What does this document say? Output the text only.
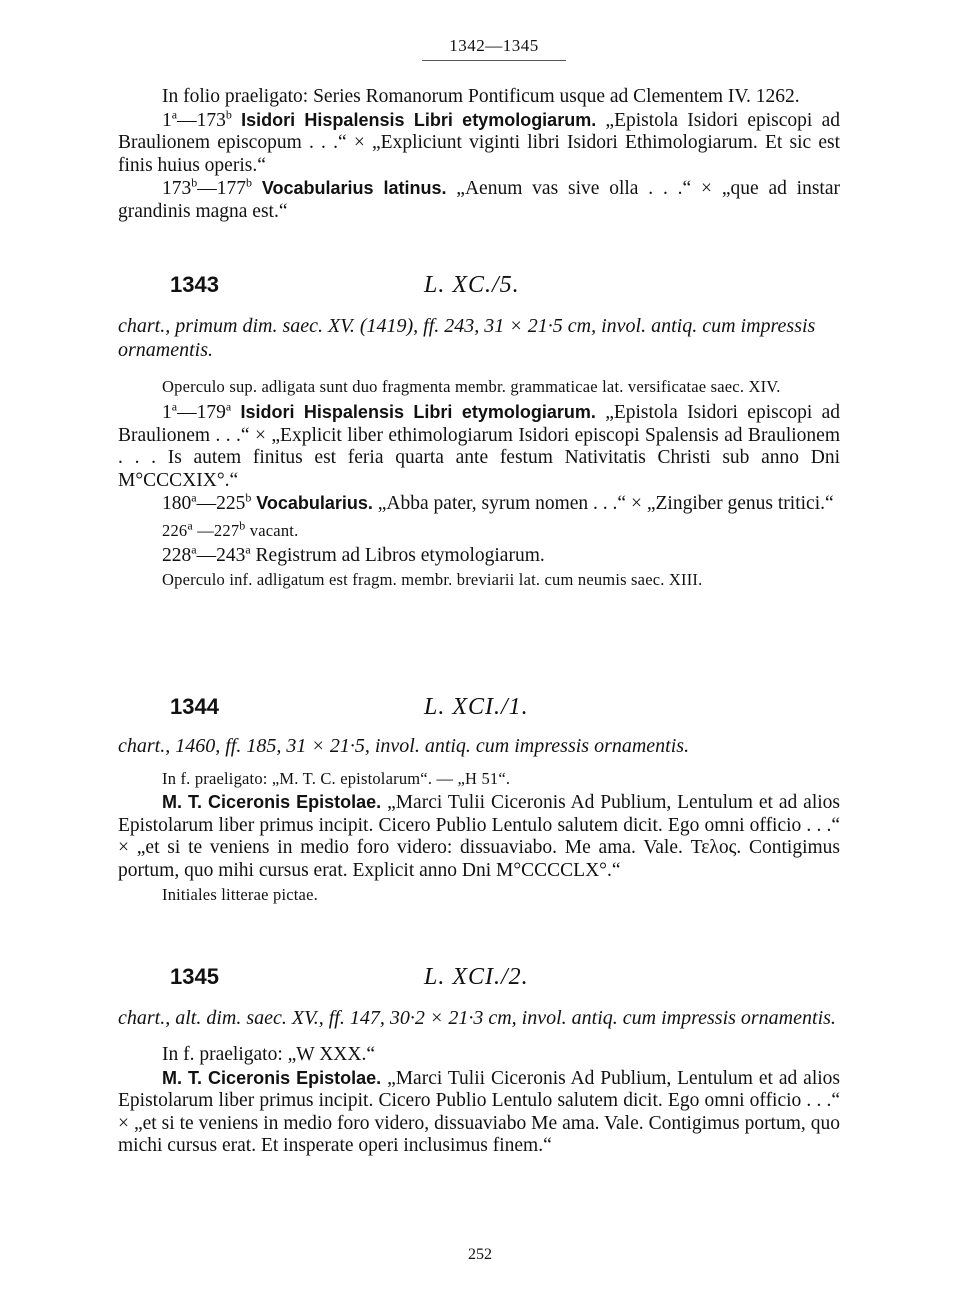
1342—1345

In folio praeligato: Series Romanorum Pontificum usque ad Clementem IV. 1262.

1$^a$—173$^b$ Isidori Hispalensis Libri etymologiarum. „Epistola Isidori episcopi ad Braulionem episcopum . . .“ × „Expliciunt viginti libri Isidori Ethimologiarum. Et sic est finis huius operis.“

173$^b$—177$^b$ Vocabularius latinus. „Aenum vas sive olla . . .“ × „que ad instar grandinis magna est.“

1343	L. XC./5.

chart., primum dim. saec. XV. (1419), ff. 243, 31 × 21·5 cm, invol. antiq. cum impressis ornamentis.

Operculo sup. adligata sunt duo fragmenta membr. grammaticae lat. versificatae saec. XIV.

1$^a$—179$^a$ Isidori Hispalensis Libri etymologiarum. „Epistola Isidori episcopi ad Braulionem . . .“ × „Explicit liber ethimologiarum Isidori episcopi Spalensis ad Braulionem . . . Is autem finitus est feria quarta ante festum Nativitatis Christi sub anno Dni M°CCCXIX°.“

180$^a$—225$^b$ Vocabularius. „Abba pater, syrum nomen . . .“ × „Zingiber genus tritici.“

226$^a$ —227$^b$ vacant.

228$^a$—243$^a$ Registrum ad Libros etymologiarum.

Operculo inf. adligatum est fragm. membr. breviarii lat. cum neumis saec. XIII.

1344	L. XCI./1.

chart., 1460, ff. 185, 31 × 21·5, invol. antiq. cum impressis ornamentis.

In f. praeligato: „M. T. C. epistolarum“. — „H 51“.

M. T. Ciceronis Epistolae. „Marci Tulii Ciceronis Ad Publium, Lentulum et ad alios Epistolarum liber primus incipit. Cicero Publio Lentulo salutem dicit. Ego omni officio . . .“ × „et si te veniens in medio foro videro: dissuaviabo. Me ama. Vale. Τελος. Contigimus portum, quo mihi cursus erat. Explicit anno Dni M°CCCCLX°.“

Initiales litterae pictae.

1345	L. XCI./2.

chart., alt. dim. saec. XV., ff. 147, 30·2 × 21·3 cm, invol. antiq. cum impressis ornamentis.

In f. praeligato: „W XXX.“

M. T. Ciceronis Epistolae. „Marci Tulii Ciceronis Ad Publium, Lentulum et ad alios Epistolarum liber primus incipit. Cicero Publio Lentulo salutem dicit. Ego omni officio . . .“ × „et si te veniens in medio foro videro, dissuaviabo Me ama. Vale. Contigimus portum, quo michi cursus erat. Et insperate operi inclusimus finem.“

252
